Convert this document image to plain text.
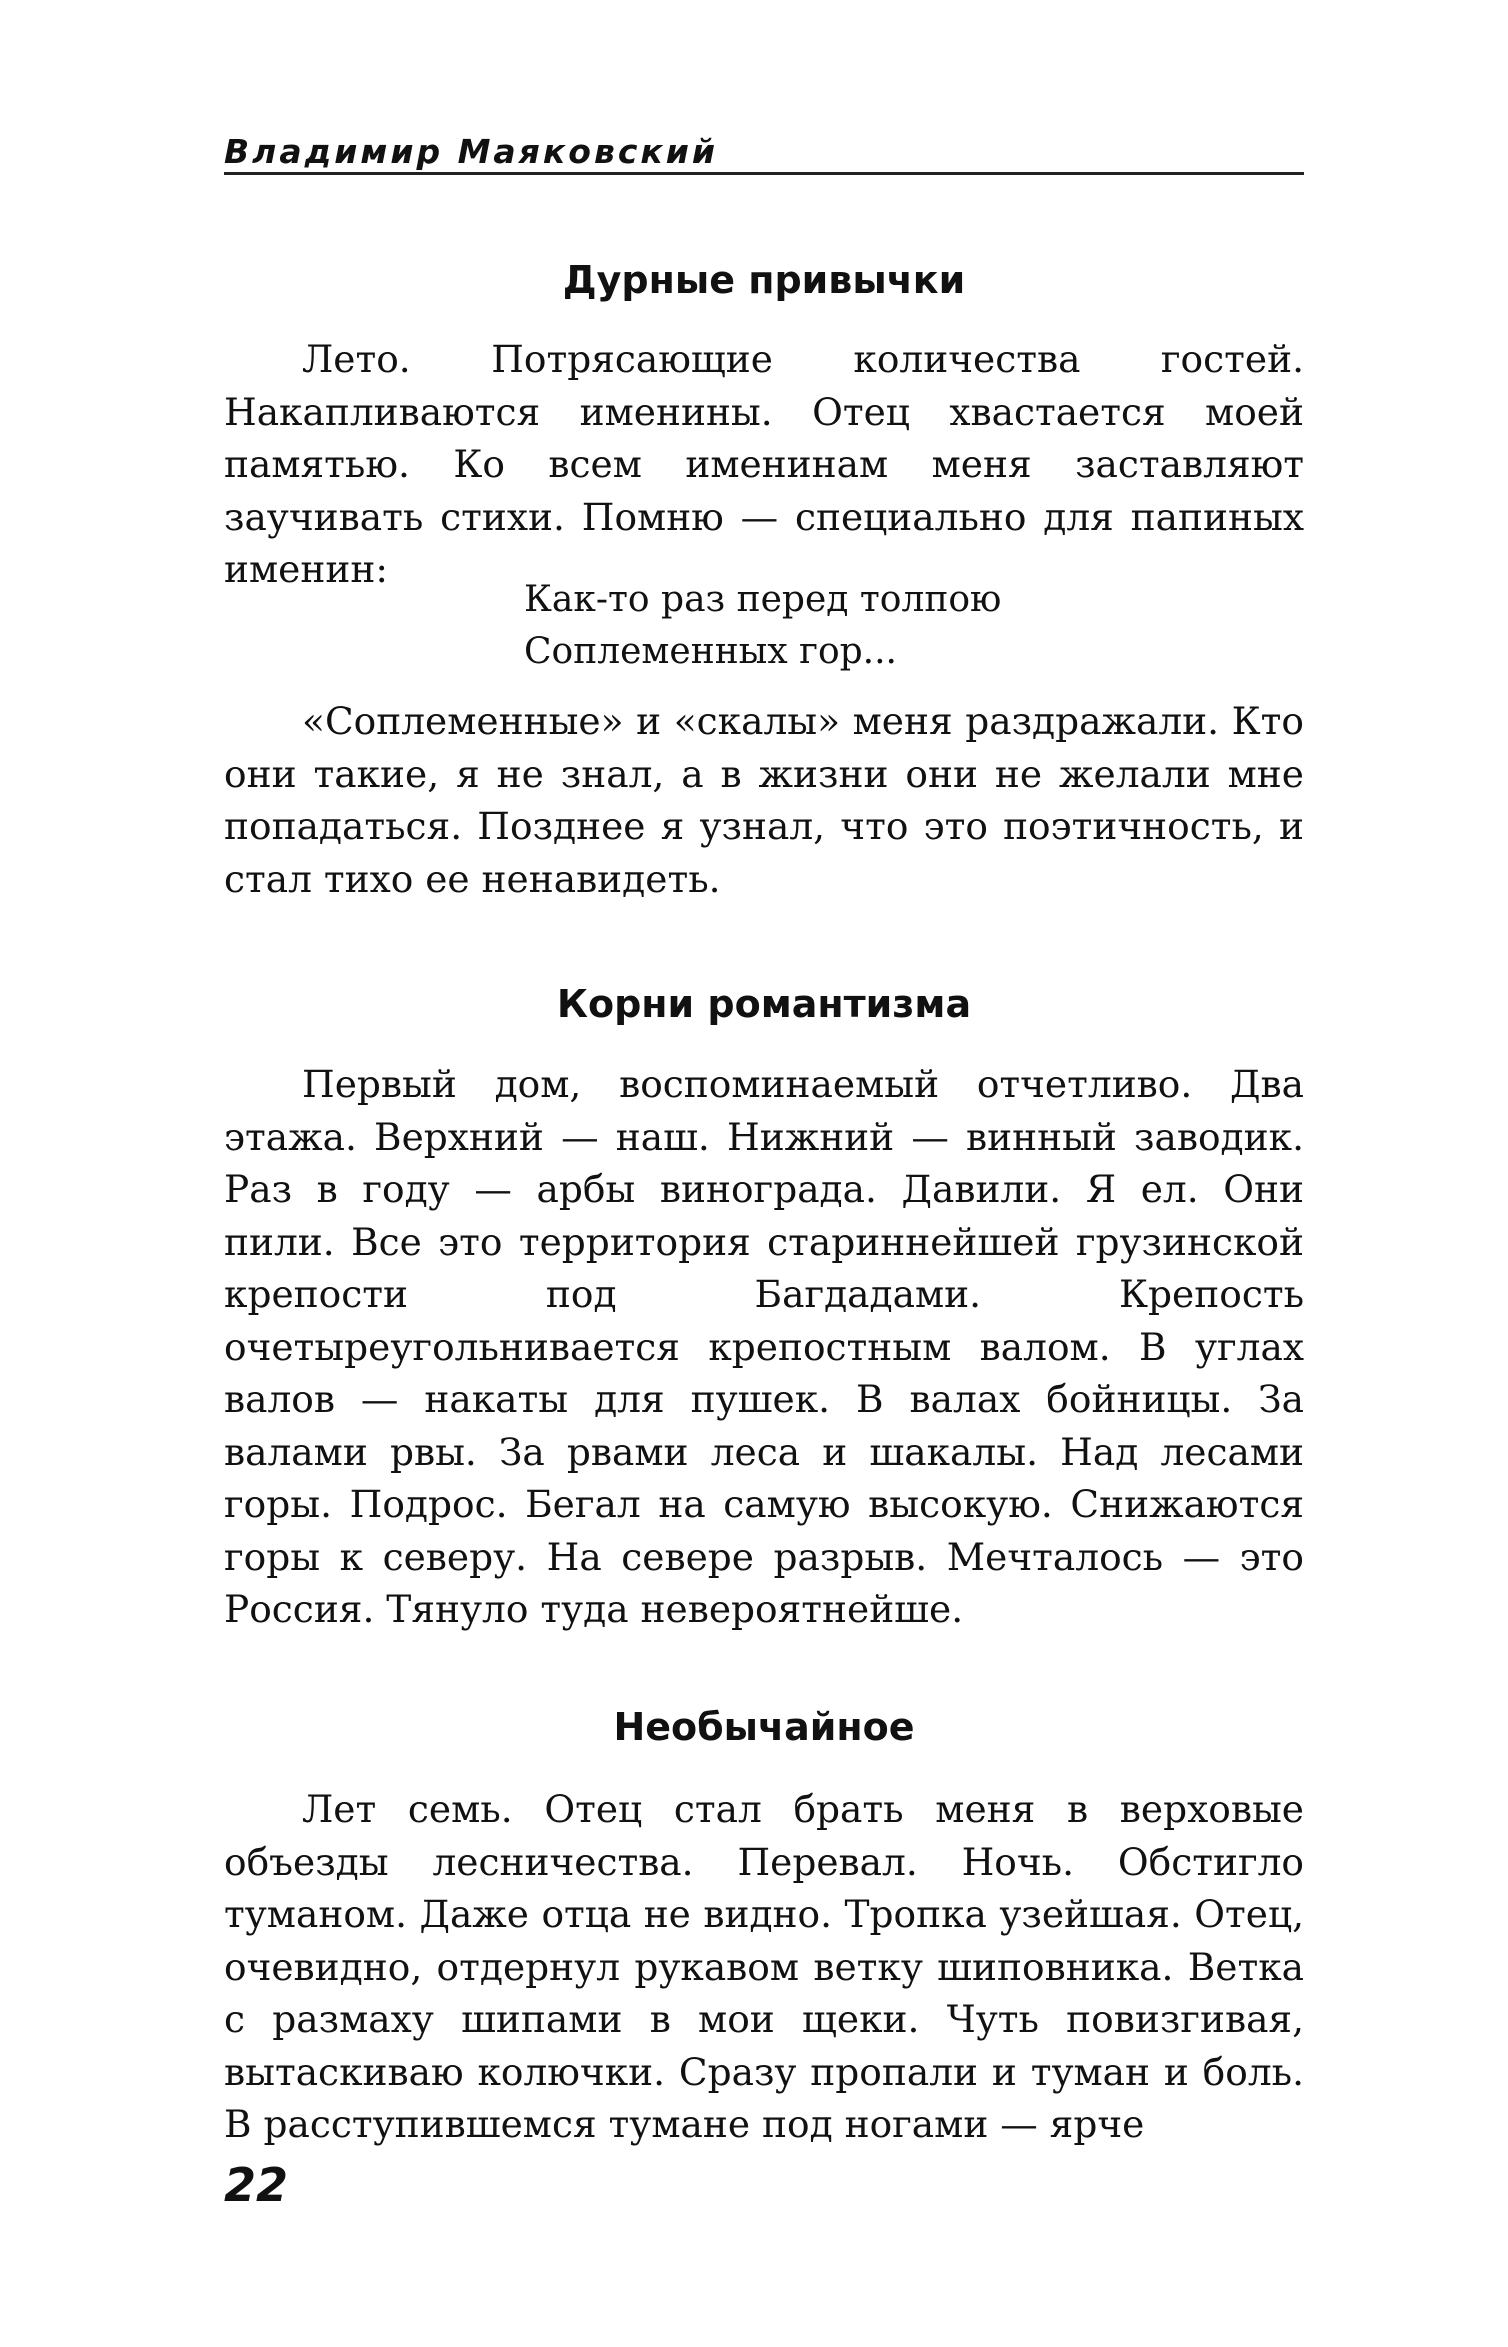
Владимир Маяковский
Дурные привычки

Лето. Потрясающие количества гостей. Накапливаются именины. Отец хвастается моей памятью. Ко всем именинам меня заставляют заучивать стихи. Помню — специально для папиных именин:

Как-то раз перед толпою
Соплеменных гор...

«Соплеменные» и «скалы» меня раздражали. Кто они такие, я не знал, а в жизни они не желали мне попадаться. Позднее я узнал, что это поэтичность, и стал тихо ее ненавидеть.

Корни романтизма

Первый дом, воспоминаемый отчетливо. Два этажа. Верхний — наш. Нижний — винный заводик. Раз в году — арбы винограда. Давили. Я ел. Они пили. Все это территория стариннейшей грузинской крепости под Багдадами. Крепость очетыреугольнивается крепостным валом. В углах валов — накаты для пушек. В валах бойницы. За валами рвы. За рвами леса и шакалы. Над лесами горы. Подрос. Бегал на самую высокую. Снижаются горы к северу. На севере разрыв. Мечталось — это Россия. Тянуло туда невероятнейше.

Необычайное

Лет семь. Отец стал брать меня в верховые объезды лесничества. Перевал. Ночь. Обстигло туманом. Даже отца не видно. Тропка узейшая. Отец, очевидно, отдернул рукавом ветку шиповника. Ветка с размаху шипами в мои щеки. Чуть повизгивая, вытаскиваю колючки. Сразу пропали и туман и боль. В расступившемся тумане под ногами — ярче

22
